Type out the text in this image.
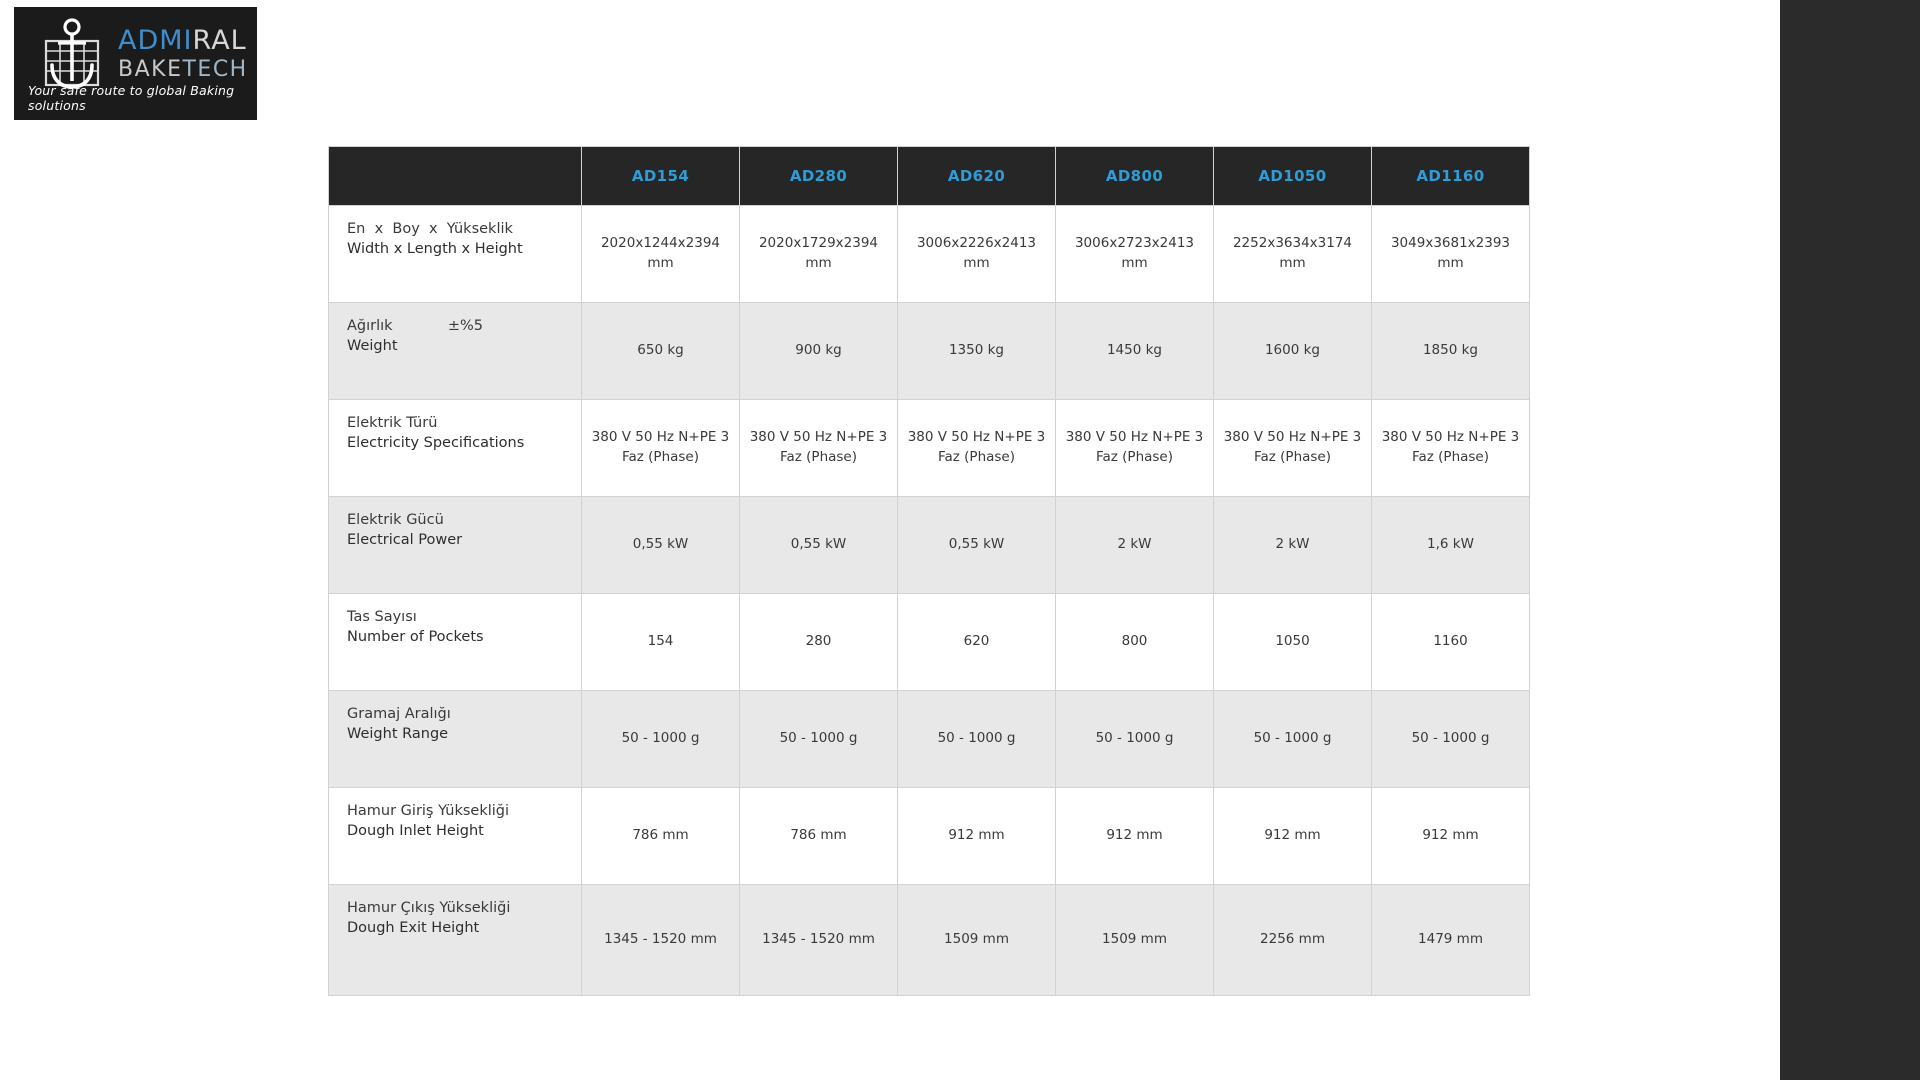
ADMIRAL
BAKETECH
Your safe route to global Baking solutions
	AD154	AD280	AD620	AD800	AD1050	AD1160

En  x  Boy  x  Yükseklik
Width x Length x Height	2020x1244x2394 mm	2020x1729x2394 mm	3006x2226x2413 mm	3006x2723x2413 mm	2252x3634x3174 mm	3049x3681x2393 mm

Ağırlık            ±%5
Weight	650 kg	900 kg	1350 kg	1450 kg	1600 kg	1850 kg

Elektrik Türü
Electricity Specifications	380 V 50 Hz N+PE 3 Faz (Phase)	380 V 50 Hz N+PE 3 Faz (Phase)	380 V 50 Hz N+PE 3 Faz (Phase)	380 V 50 Hz N+PE 3 Faz (Phase)	380 V 50 Hz N+PE 3 Faz (Phase)	380 V 50 Hz N+PE 3 Faz (Phase)

Elektrik Gücü
Electrical Power	0,55 kW	0,55 kW	0,55 kW	2 kW	2 kW	1,6 kW

Tas Sayısı
Number of Pockets	154	280	620	800	1050	1160

Gramaj Aralığı
Weight Range	50 - 1000 g	50 - 1000 g	50 - 1000 g	50 - 1000 g	50 - 1000 g	50 - 1000 g

Hamur Giriş Yüksekliği
Dough Inlet Height	786 mm	786 mm	912 mm	912 mm	912 mm	912 mm

Hamur Çıkış Yüksekliği
Dough Exit Height	1345 - 1520 mm	1345 - 1520 mm	1509 mm	1509 mm	2256 mm	1479 mm
